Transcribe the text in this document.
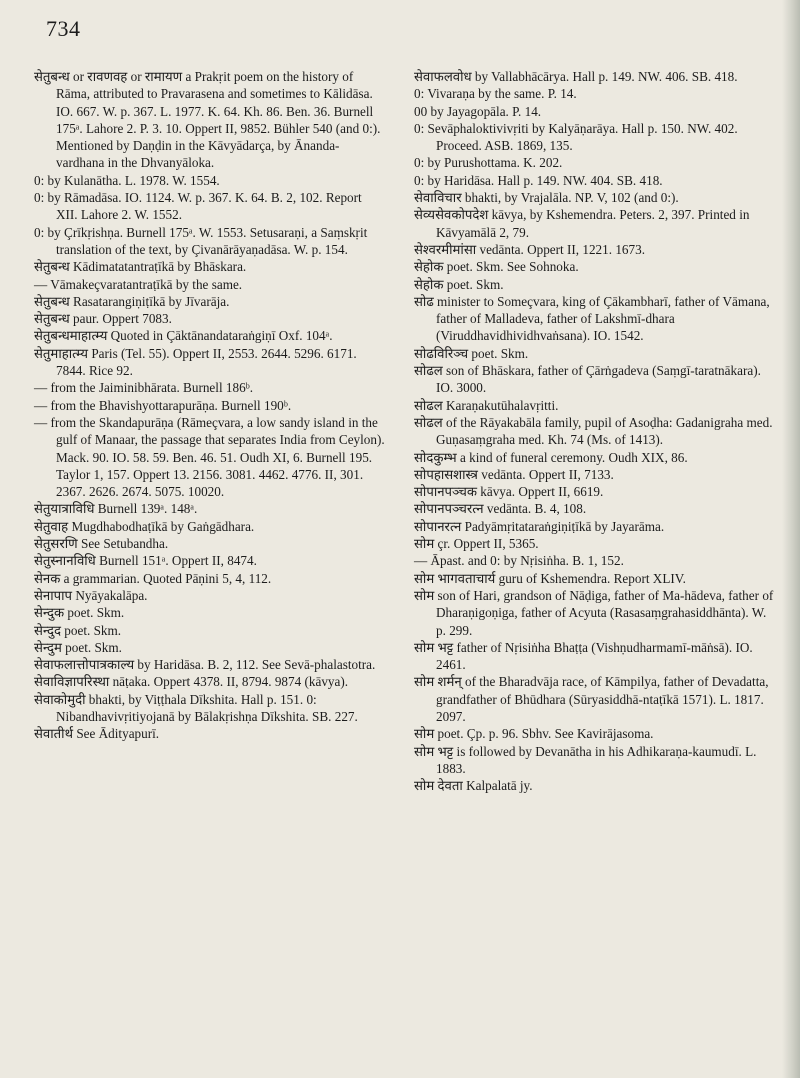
734
सेतुबन्ध or रावणवह or रामायण a Prakṛit poem on the history of Rāma, attributed to Pravarasena and sometimes to Kālidāsa. IO. 667. W. p. 367. L. 1977. K. 64. Kh. 86. Ben. 36. Burnell 175ᵃ. Lahore 2. P. 3. 10. Oppert II, 9852. Bühler 540 (and 0:). Mentioned by Daṇḍin in the Kāvyādarça, by Ānanda-vardhana in the Dhvanyāloka.
0: by Kulanātha. L. 1978. W. 1554.
0: by Rāmadāsa. IO. 1124. W. p. 367. K. 64. B. 2, 102. Report XII. Lahore 2. W. 1552.
0: by Çrīkṛishṇa. Burnell 175ᵃ. W. 1553. Setusaraṇi, a Saṃskṛit translation of the text, by Çivanārāyaṇadāsa. W. p. 154.
सेतुबन्ध Kādimatatantraṭīkā by Bhāskara.
— Vāmakeçvaratantraṭīkā by the same.
सेतुबन्ध Rasatarangiṇiṭīkā by Jīvarāja.
सेतुबन्ध paur. Oppert 7083.
सेतुबन्धमाहात्म्य Quoted in Çāktānandataraṅgiṇī Oxf. 104ᵃ.
सेतुमाहात्म्य Paris (Tel. 55). Oppert II, 2553. 2644. 5296. 6171. 7844. Rice 92.
— from the Jaiminibhārata. Burnell 186ᵇ.
— from the Bhavishyottarapurāṇa. Burnell 190ᵇ.
— from the Skandapurāṇa (Rāmeçvara, a low sandy island in the gulf of Manaar, the passage that separates India from Ceylon). Mack. 90. IO. 58. 59. Ben. 46. 51. Oudh XI, 6. Burnell 195. Taylor 1, 157. Oppert 13. 2156. 3081. 4462. 4776. II, 301. 2367. 2626. 2674. 5075. 10020.
सेतुयात्राविधि Burnell 139ᵃ. 148ᵃ.
सेतुवाह Mugdhabodhaṭīkā by Gaṅgādhara.
सेतुसरणि See Setubandha.
सेतुस्नानविधि Burnell 151ᵃ. Oppert II, 8474.
सेनक a grammarian. Quoted Pāṇini 5, 4, 112.
सेनापाप Nyāyakalāpa.
सेन्दुक poet. Skm.
सेन्दुद poet. Skm.
सेन्दुम poet. Skm.
सेवाफलात्तोपात्रकाल्य by Haridāsa. B. 2, 112. See Sevā-phalastotra.
सेवाविज्ञापरिस्था nāṭaka. Oppert 4378. II, 8794. 9874 (kāvya).
सेवाकोमुदी bhakti, by Viṭṭhala Dīkshita. Hall p. 151. 0: Nibandhavivṛitiyojanā by Bālakṛishṇa Dīkshita. SB. 227.
सेवातीर्थ See Ādityapurī.
सेवाफलवोध by Vallabhācārya. Hall p. 149. NW. 406. SB. 418.
0: Vivaraṇa by the same. P. 14.
00 by Jayagopāla. P. 14.
0: Sevāphaloktivivṛiti by Kalyāṇarāya. Hall p. 150. NW. 402. Proceed. ASB. 1869, 135.
0: by Purushottama. K. 202.
0: by Haridāsa. Hall p. 149. NW. 404. SB. 418.
सेवाविचार bhakti, by Vrajalāla. NP. V, 102 (and 0:).
सेव्यसेवकोपदेश kāvya, by Kshemendra. Peters. 2, 397. Printed in Kāvyamālā 2, 79.
सेश्वरमीमांसा vedānta. Oppert II, 1221. 1673.
सेहोक poet. Skm. See Sohnoka.
सेहोक poet. Skm.
सोढ minister to Someçvara, king of Çākambharī, father of Vāmana, father of Malladeva, father of Lakshmī-dhara (Viruddhavidhividhvaṅsana). IO. 1542.
सोढविरिञ्च poet. Skm.
सोढल son of Bhāskara, father of Çārṅgadeva (Saṃgī-taratnākara). IO. 3000.
सोढल Karaṇakutūhalavṛitti.
सोढल of the Rāyakabāla family, pupil of Asoḍha: Gadanigraha med. Guṇasaṃgraha med. Kh. 74 (Ms. of 1413).
सोदकुम्भ a kind of funeral ceremony. Oudh XIX, 86.
सोपहासशास्त्र vedānta. Oppert II, 7133.
सोपानपञ्चक kāvya. Oppert II, 6619.
सोपानपञ्चरत्न vedānta. B. 4, 108.
सोपानरत्न Padyāmṛitataraṅgiṇiṭīkā by Jayarāma.
सोम çr. Oppert II, 5365.
— Āpast. and 0: by Nṛisiṅha. B. 1, 152.
सोम भागवताचार्य guru of Kshemendra. Report XLIV.
सोम son of Hari, grandson of Nāḍiga, father of Ma-hādeva, father of Dharaṇigoṇiga, father of Acyuta (Rasasaṃgrahasiddhānta). W. p. 299.
सोम भट्ट father of Nṛisiṅha Bhaṭṭa (Vishṇudharmamī-māṅsā). IO. 2461.
सोम शर्मन् of the Bharadvāja race, of Kāmpilya, father of Devadatta, grandfather of Bhūdhara (Sūryasiddhā-ntaṭīkā 1571). L. 1817. 2097.
सोम poet. Çp. p. 96. Sbhv. See Kavirājasoma.
सोम भट्ट is followed by Devanātha in his Adhikaraṇa-kaumudī. L. 1883.
सोम देवता Kalpalatā jy.
